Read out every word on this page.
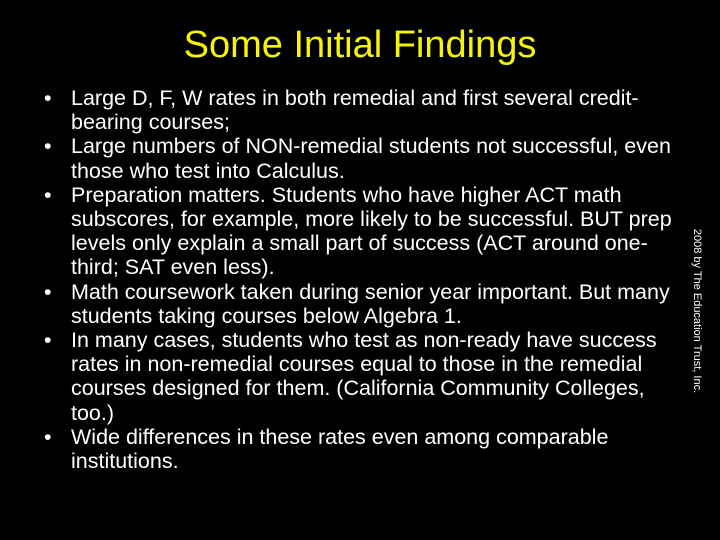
Some Initial Findings
• Large D, F, W rates in both remedial and first several credit-bearing courses;
• Large numbers of NON-remedial students not successful, even those who test into Calculus.
• Preparation matters. Students who have higher ACT math subscores, for example, more likely to be successful. BUT prep levels only explain a small part of success (ACT around one-third; SAT even less).
• Math coursework taken during senior year important. But many students taking courses below Algebra 1.
• In many cases, students who test as non-ready have success rates in non-remedial courses equal to those in the remedial courses designed for them. (California Community Colleges, too.)
• Wide differences in these rates even among comparable institutions.
2008 by The Education Trust, Inc.
